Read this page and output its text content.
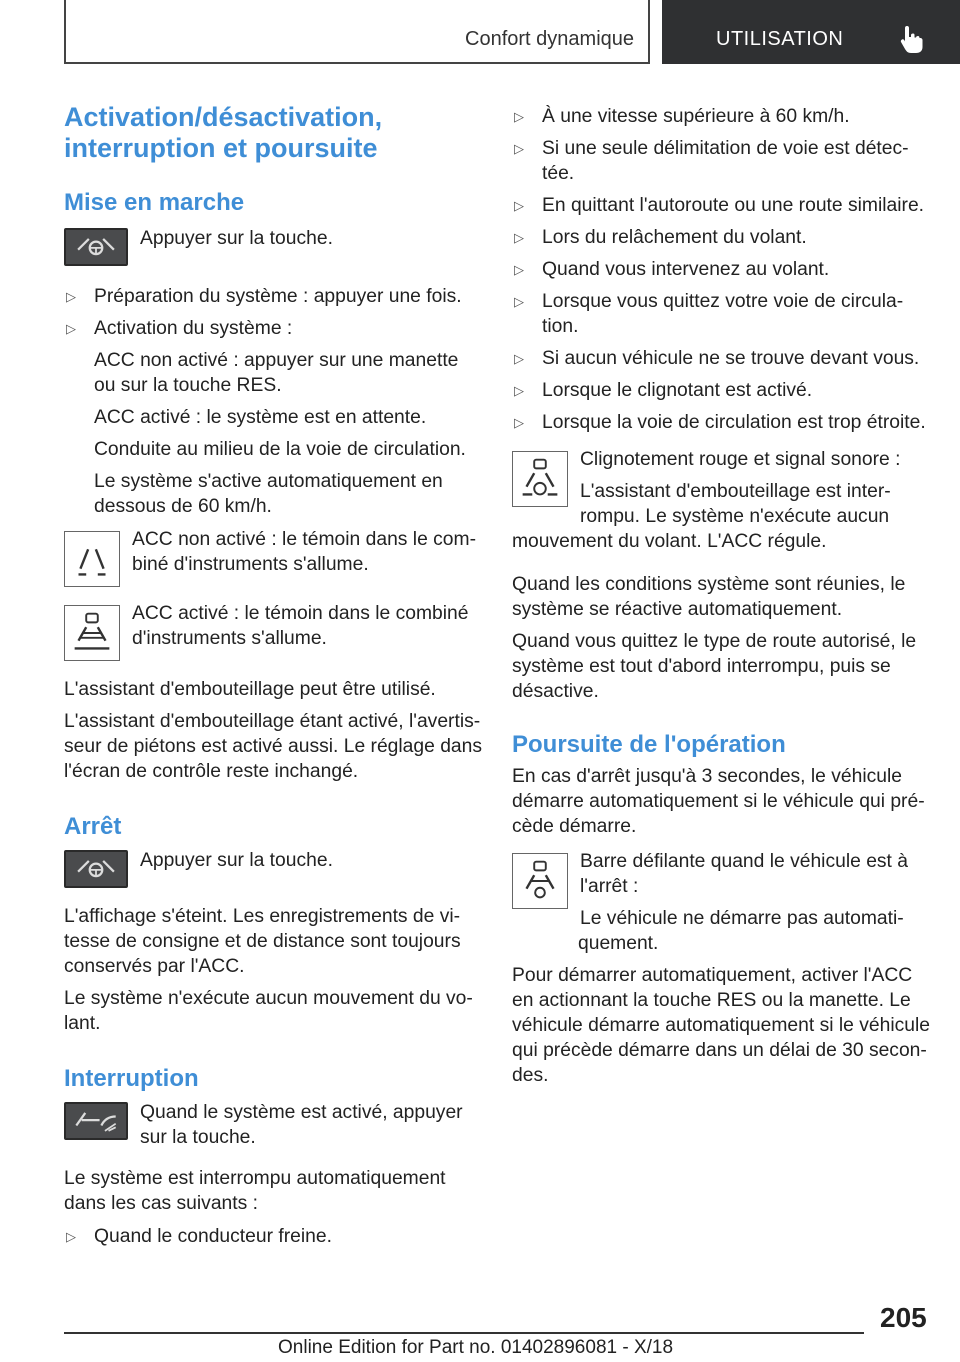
Confort dynamique	UTILISATION
Activation/désactivation, interruption et poursuite
Mise en marche
Appuyer sur la touche.
▷ Préparation du système : appuyer une fois.
▷ Activation du système :
ACC non activé : appuyer sur une manette ou sur la touche RES.
ACC activé : le système est en attente.
Conduite au milieu de la voie de circulation.
Le système s'active automatiquement en dessous de 60 km/h.
ACC non activé : le témoin dans le combiné d'instruments s'allume.
ACC activé : le témoin dans le combiné d'instruments s'allume.
L'assistant d'embouteillage peut être utilisé.
L'assistant d'embouteillage étant activé, l'avertisseur de piétons est activé aussi. Le réglage dans l'écran de contrôle reste inchangé.
Arrêt
Appuyer sur la touche.
L'affichage s'éteint. Les enregistrements de vitesse de consigne et de distance sont toujours conservés par l'ACC.
Le système n'exécute aucun mouvement du volant.
Interruption
Quand le système est activé, appuyer sur la touche.
Le système est interrompu automatiquement dans les cas suivants :
▷ Quand le conducteur freine.
▷ À une vitesse supérieure à 60 km/h.
▷ Si une seule délimitation de voie est détectée.
▷ En quittant l'autoroute ou une route similaire.
▷ Lors du relâchement du volant.
▷ Quand vous intervenez au volant.
▷ Lorsque vous quittez votre voie de circulation.
▷ Si aucun véhicule ne se trouve devant vous.
▷ Lorsque le clignotant est activé.
▷ Lorsque la voie de circulation est trop étroite.
Clignotement rouge et signal sonore :
L'assistant d'embouteillage est interrompu. Le système n'exécute aucun mouvement du volant. L'ACC régule.
Quand les conditions système sont réunies, le système se réactive automatiquement.
Quand vous quittez le type de route autorisé, le système est tout d'abord interrompu, puis se désactive.
Poursuite de l'opération
En cas d'arrêt jusqu'à 3 secondes, le véhicule démarre automatiquement si le véhicule qui précède démarre.
Barre défilante quand le véhicule est à l'arrêt :
Le véhicule ne démarre pas automatiquement.
Pour démarrer automatiquement, activer l'ACC en actionnant la touche RES ou la manette. Le véhicule démarre automatiquement si le véhicule qui précède démarre dans un délai de 30 secondes.
205
Online Edition for Part no. 01402896081 - X/18
